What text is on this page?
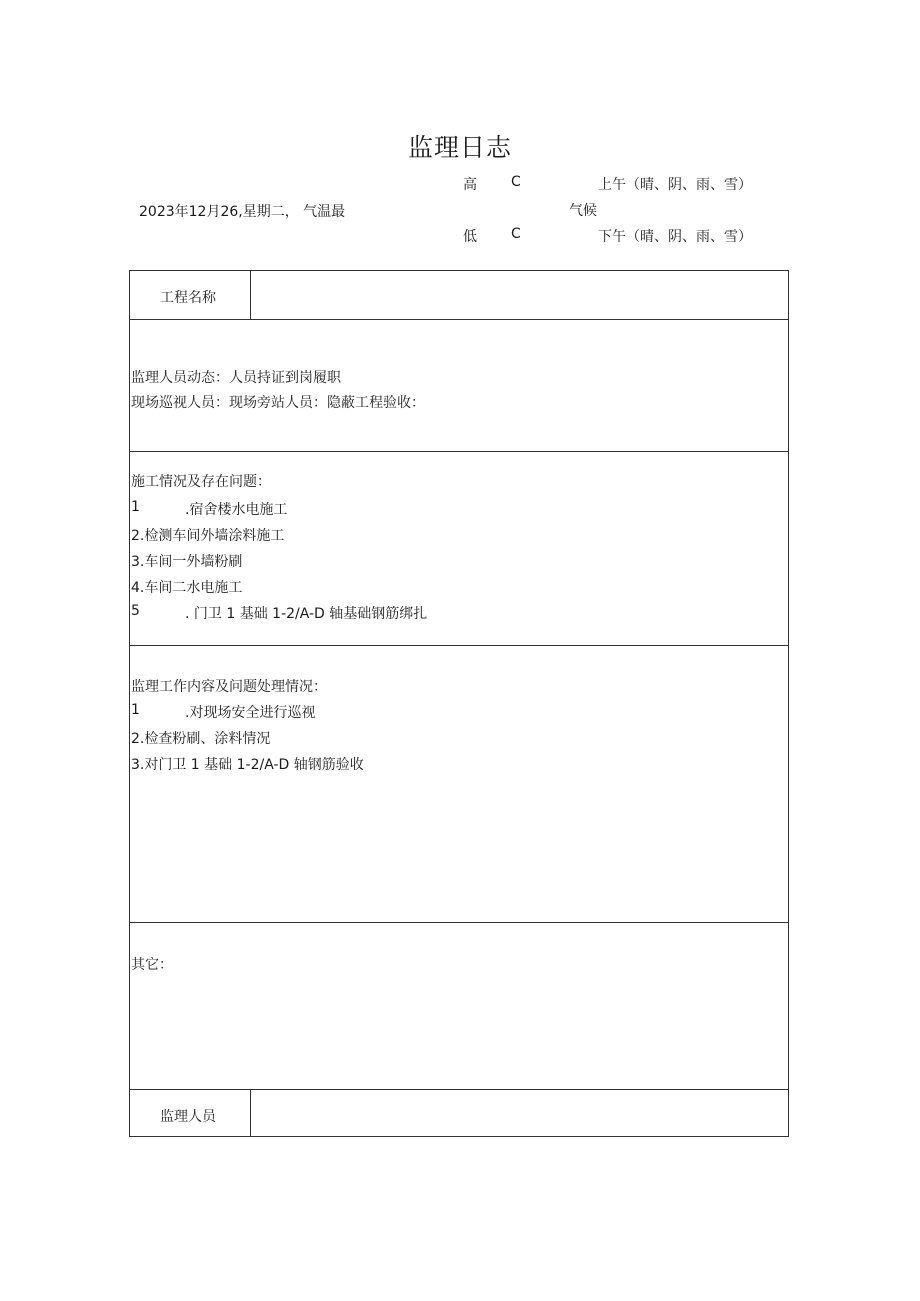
监理日志
2023年12月26,星期二， 气温最
高 C
低 C
上午（晴、阴、雨、雪）
气候
下午（晴、阴、雨、雪）
工程名称
监理人员动态：人员持证到岗履职
现场巡视人员：现场旁站人员：隐蔽工程验收：
施工情况及存在问题：
1	.宿舍楼水电施工
2.检测车间外墙涂料施工
3.车间一外墙粉刷
4.车间二水电施工
5	. 门卫 1 基础 1-2/A-D 轴基础钢筋绑扎
监理工作内容及问题处理情况：
1	.对现场安全进行巡视
2.检查粉刷、涂料情况
3.对门卫 1 基础 1-2/A-D 轴钢筋验收
其它：
监理人员
